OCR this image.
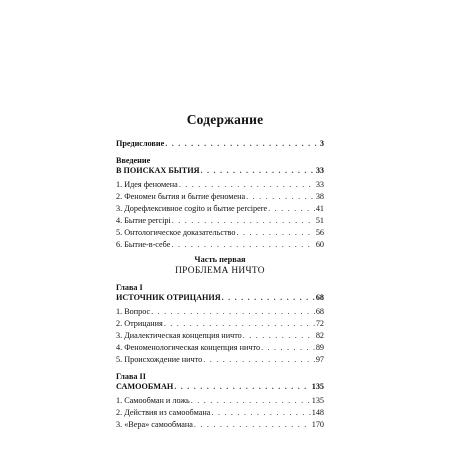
Содержание
Предисловие . . .	3
Введение
В ПОИСКАХ БЫТИЯ . . .	33
1. Идея феномена . . .	33
2. Феномен бытия и бытие феномена . . .	38
3. Дорефлексивное cogito и бытие percipere . . .	41
4. Бытие percipi . . .	51
5. Онтологическое доказательство . . .	56
6. Бытие-в-себе . . .	60
Часть первая
ПРОБЛЕМА НИЧТО
Глава I
ИСТОЧНИК ОТРИЦАНИЯ . . .	68
1. Вопрос . . .	68
2. Отрицания . . .	72
3. Диалектическая концепция ничто . . .	82
4. Феноменологическая концепция ничто . . .	89
5. Происхождение ничто . . .	97
Глава II
САМООБМАН . . .	135
1. Самообман и ложь . . .	135
2. Действия из самообмана . . .	148
3. «Вера» самообмана . . .	170
